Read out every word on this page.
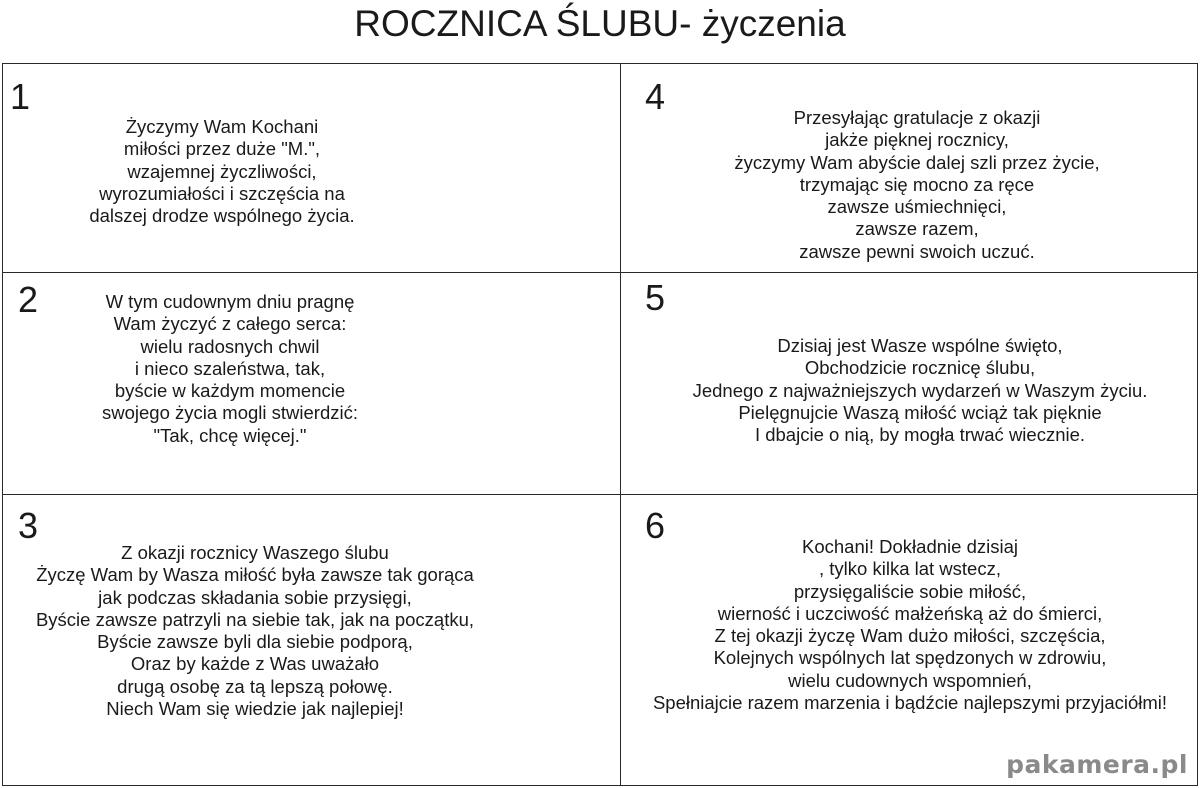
ROCZNICA ŚLUBU- życzenia
1
Życzymy Wam Kochani
miłości przez duże "M.",
wzajemnej życzliwości,
wyrozumiałości i szczęścia na
dalszej drodze wspólnego życia.
2	W tym cudownym dniu pragnę
Wam życzyć z całego serca:
wielu radosnych chwil
i nieco szaleństwa, tak,
byście w każdym momencie
swojego życia mogli stwierdzić:
"Tak, chcę więcej."
3
Z okazji rocznicy Waszego ślubu
Życzę Wam by Wasza miłość była zawsze tak gorąca
jak podczas składania sobie przysięgi,
Byście zawsze patrzyli na siebie tak, jak na początku,
Byście zawsze byli dla siebie podporą,
Oraz by każde z Was uważało
drugą osobę za tą lepszą połowę.
Niech Wam się wiedzie jak najlepiej!
4
Przesyłając gratulacje z okazji
jakże pięknej rocznicy,
życzymy Wam abyście dalej szli przez życie,
trzymając się mocno za ręce
zawsze uśmiechnięci,
zawsze razem,
zawsze pewni swoich uczuć.
5
Dzisiaj jest Wasze wspólne święto,
Obchodzicie rocznicę ślubu,
Jednego z najważniejszych wydarzeń w Waszym życiu.
Pielęgnujcie Waszą miłość wciąż tak pięknie
I dbajcie o nią, by mogła trwać wiecznie.
6
Kochani! Dokładnie dzisiaj
, tylko kilka lat wstecz,
przysięgaliście sobie miłość,
wierność i uczciwość małżeńską aż do śmierci,
Z tej okazji życzę Wam dużo miłości, szczęścia,
Kolejnych wspólnych lat spędzonych w zdrowiu,
wielu cudownych wspomnień,
Spełniajcie razem marzenia i bądźcie najlepszymi przyjaciółmi!
pakamera.pl
